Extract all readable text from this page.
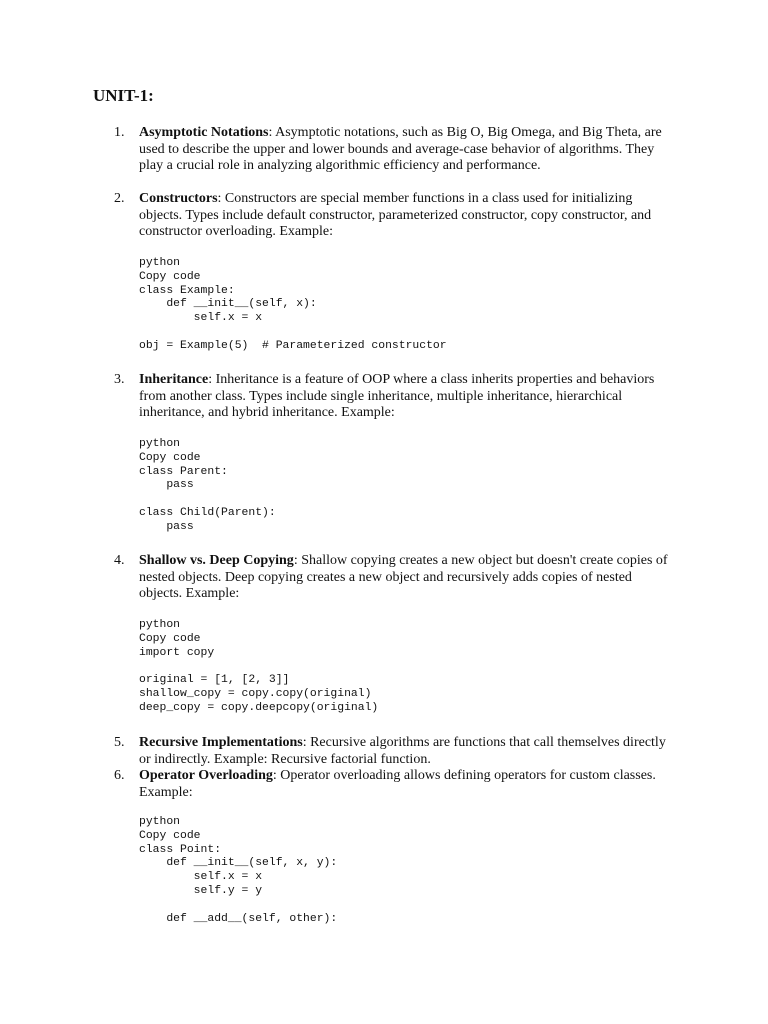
UNIT-1:
1.	Asymptotic Notations: Asymptotic notations, such as Big O, Big Omega, and Big Theta, are used to describe the upper and lower bounds and average-case behavior of algorithms. They play a crucial role in analyzing algorithmic efficiency and performance.
2.	Constructors: Constructors are special member functions in a class used for initializing objects. Types include default constructor, parameterized constructor, copy constructor, and constructor overloading. Example:
python
Copy code
class Example:
def __init__(self, x):
self.x = x

obj = Example(5)  # Parameterized constructor
3.	Inheritance: Inheritance is a feature of OOP where a class inherits properties and behaviors from another class. Types include single inheritance, multiple inheritance, hierarchical inheritance, and hybrid inheritance. Example:
python
Copy code
class Parent:
pass

class Child(Parent):
pass
4.	Shallow vs. Deep Copying: Shallow copying creates a new object but doesn't create copies of nested objects. Deep copying creates a new object and recursively adds copies of nested objects. Example:
python
Copy code
import copy

original = [1, [2, 3]]
shallow_copy = copy.copy(original)
deep_copy = copy.deepcopy(original)
5.	Recursive Implementations: Recursive algorithms are functions that call themselves directly or indirectly. Example: Recursive factorial function.
6.	Operator Overloading: Operator overloading allows defining operators for custom classes. Example:
python
Copy code
class Point:
def __init__(self, x, y):
self.x = x
self.y = y

def __add__(self, other):
